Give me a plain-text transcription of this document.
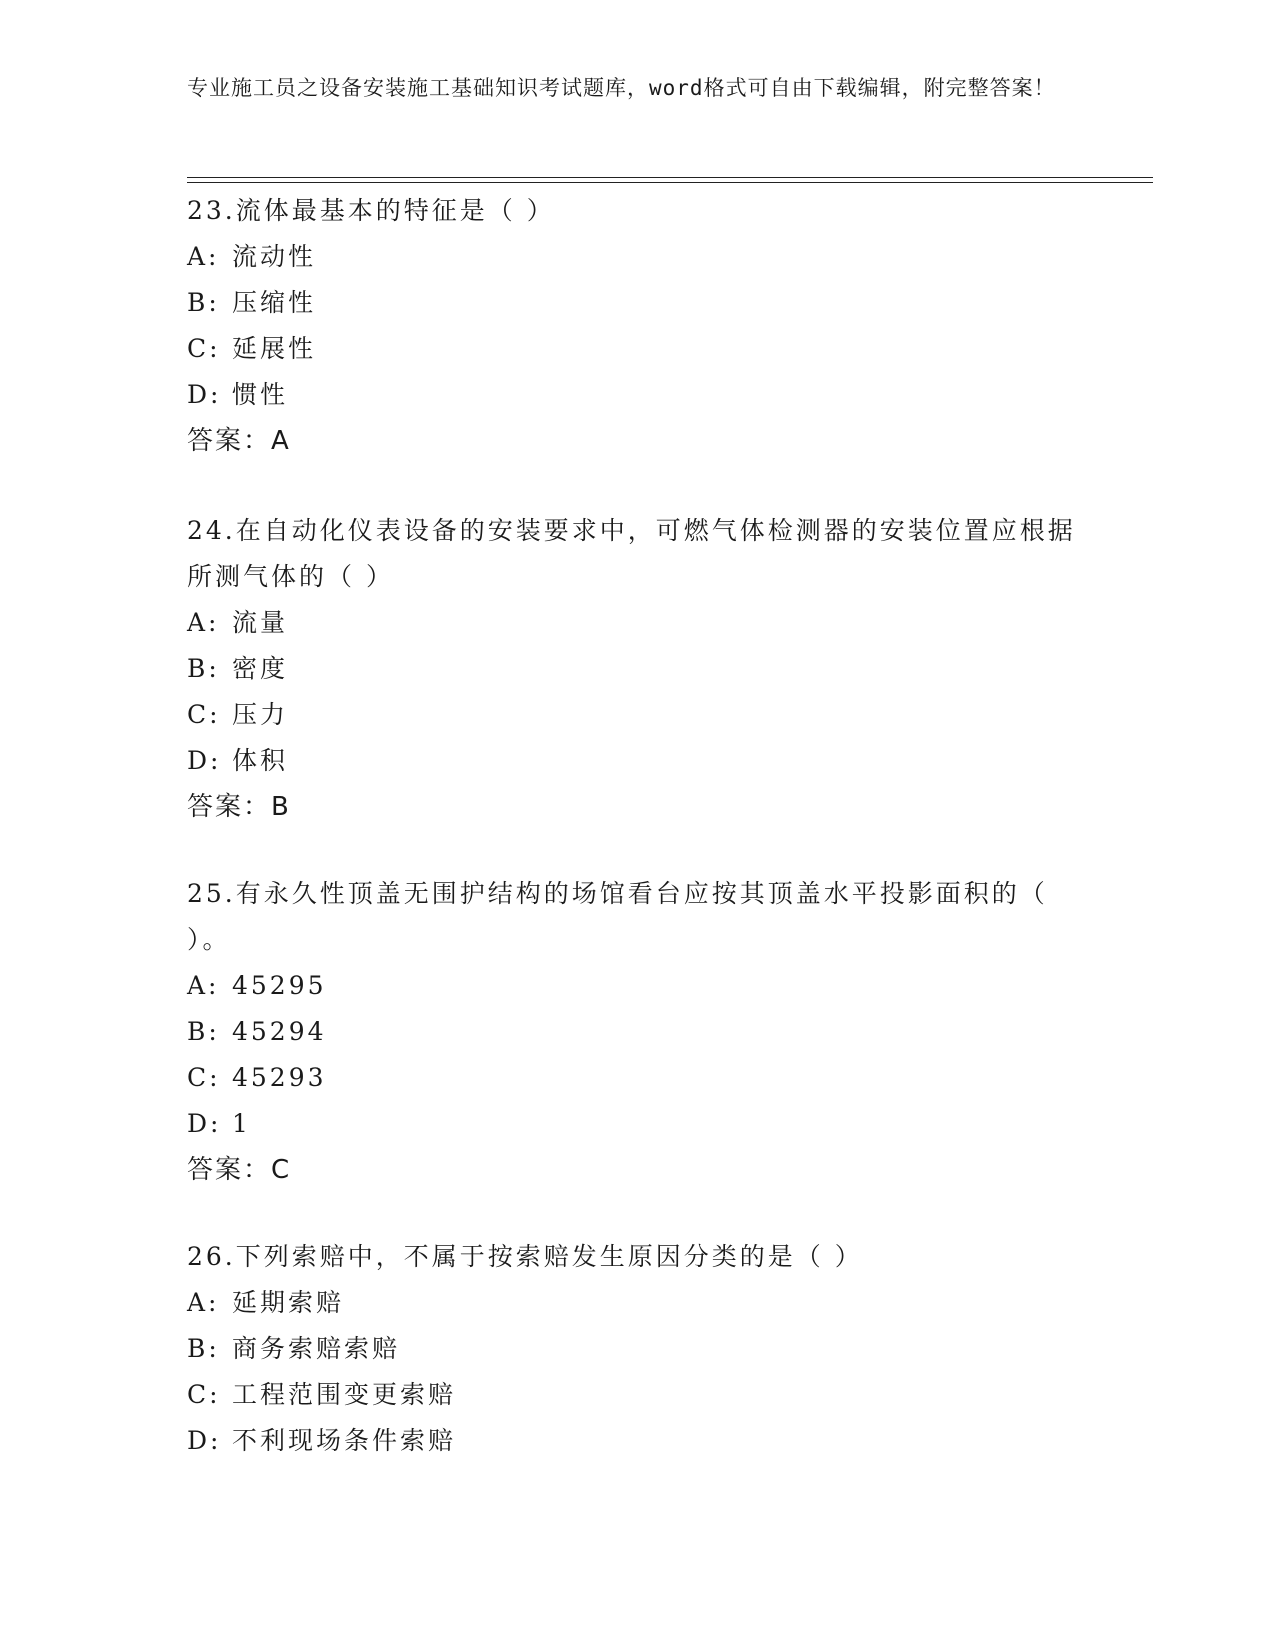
专业施工员之设备安装施工基础知识考试题库，word格式可自由下载编辑，附完整答案！

23.流体最基本的特征是（ ）

A: 流动性

B: 压缩性

C: 延展性

D: 惯性

答案：A

24.在自动化仪表设备的安装要求中，可燃气体检测器的安装位置应根据所测气体的（ ）

A: 流量

B: 密度

C: 压力

D: 体积

答案：B

25.有永久性顶盖无围护结构的场馆看台应按其顶盖水平投影面积的（ ）。

A: 45295

B: 45294

C: 45293

D: 1

答案：C

26.下列索赔中，不属于按索赔发生原因分类的是（ ）

A: 延期索赔

B: 商务索赔索赔

C: 工程范围变更索赔

D: 不利现场条件索赔
